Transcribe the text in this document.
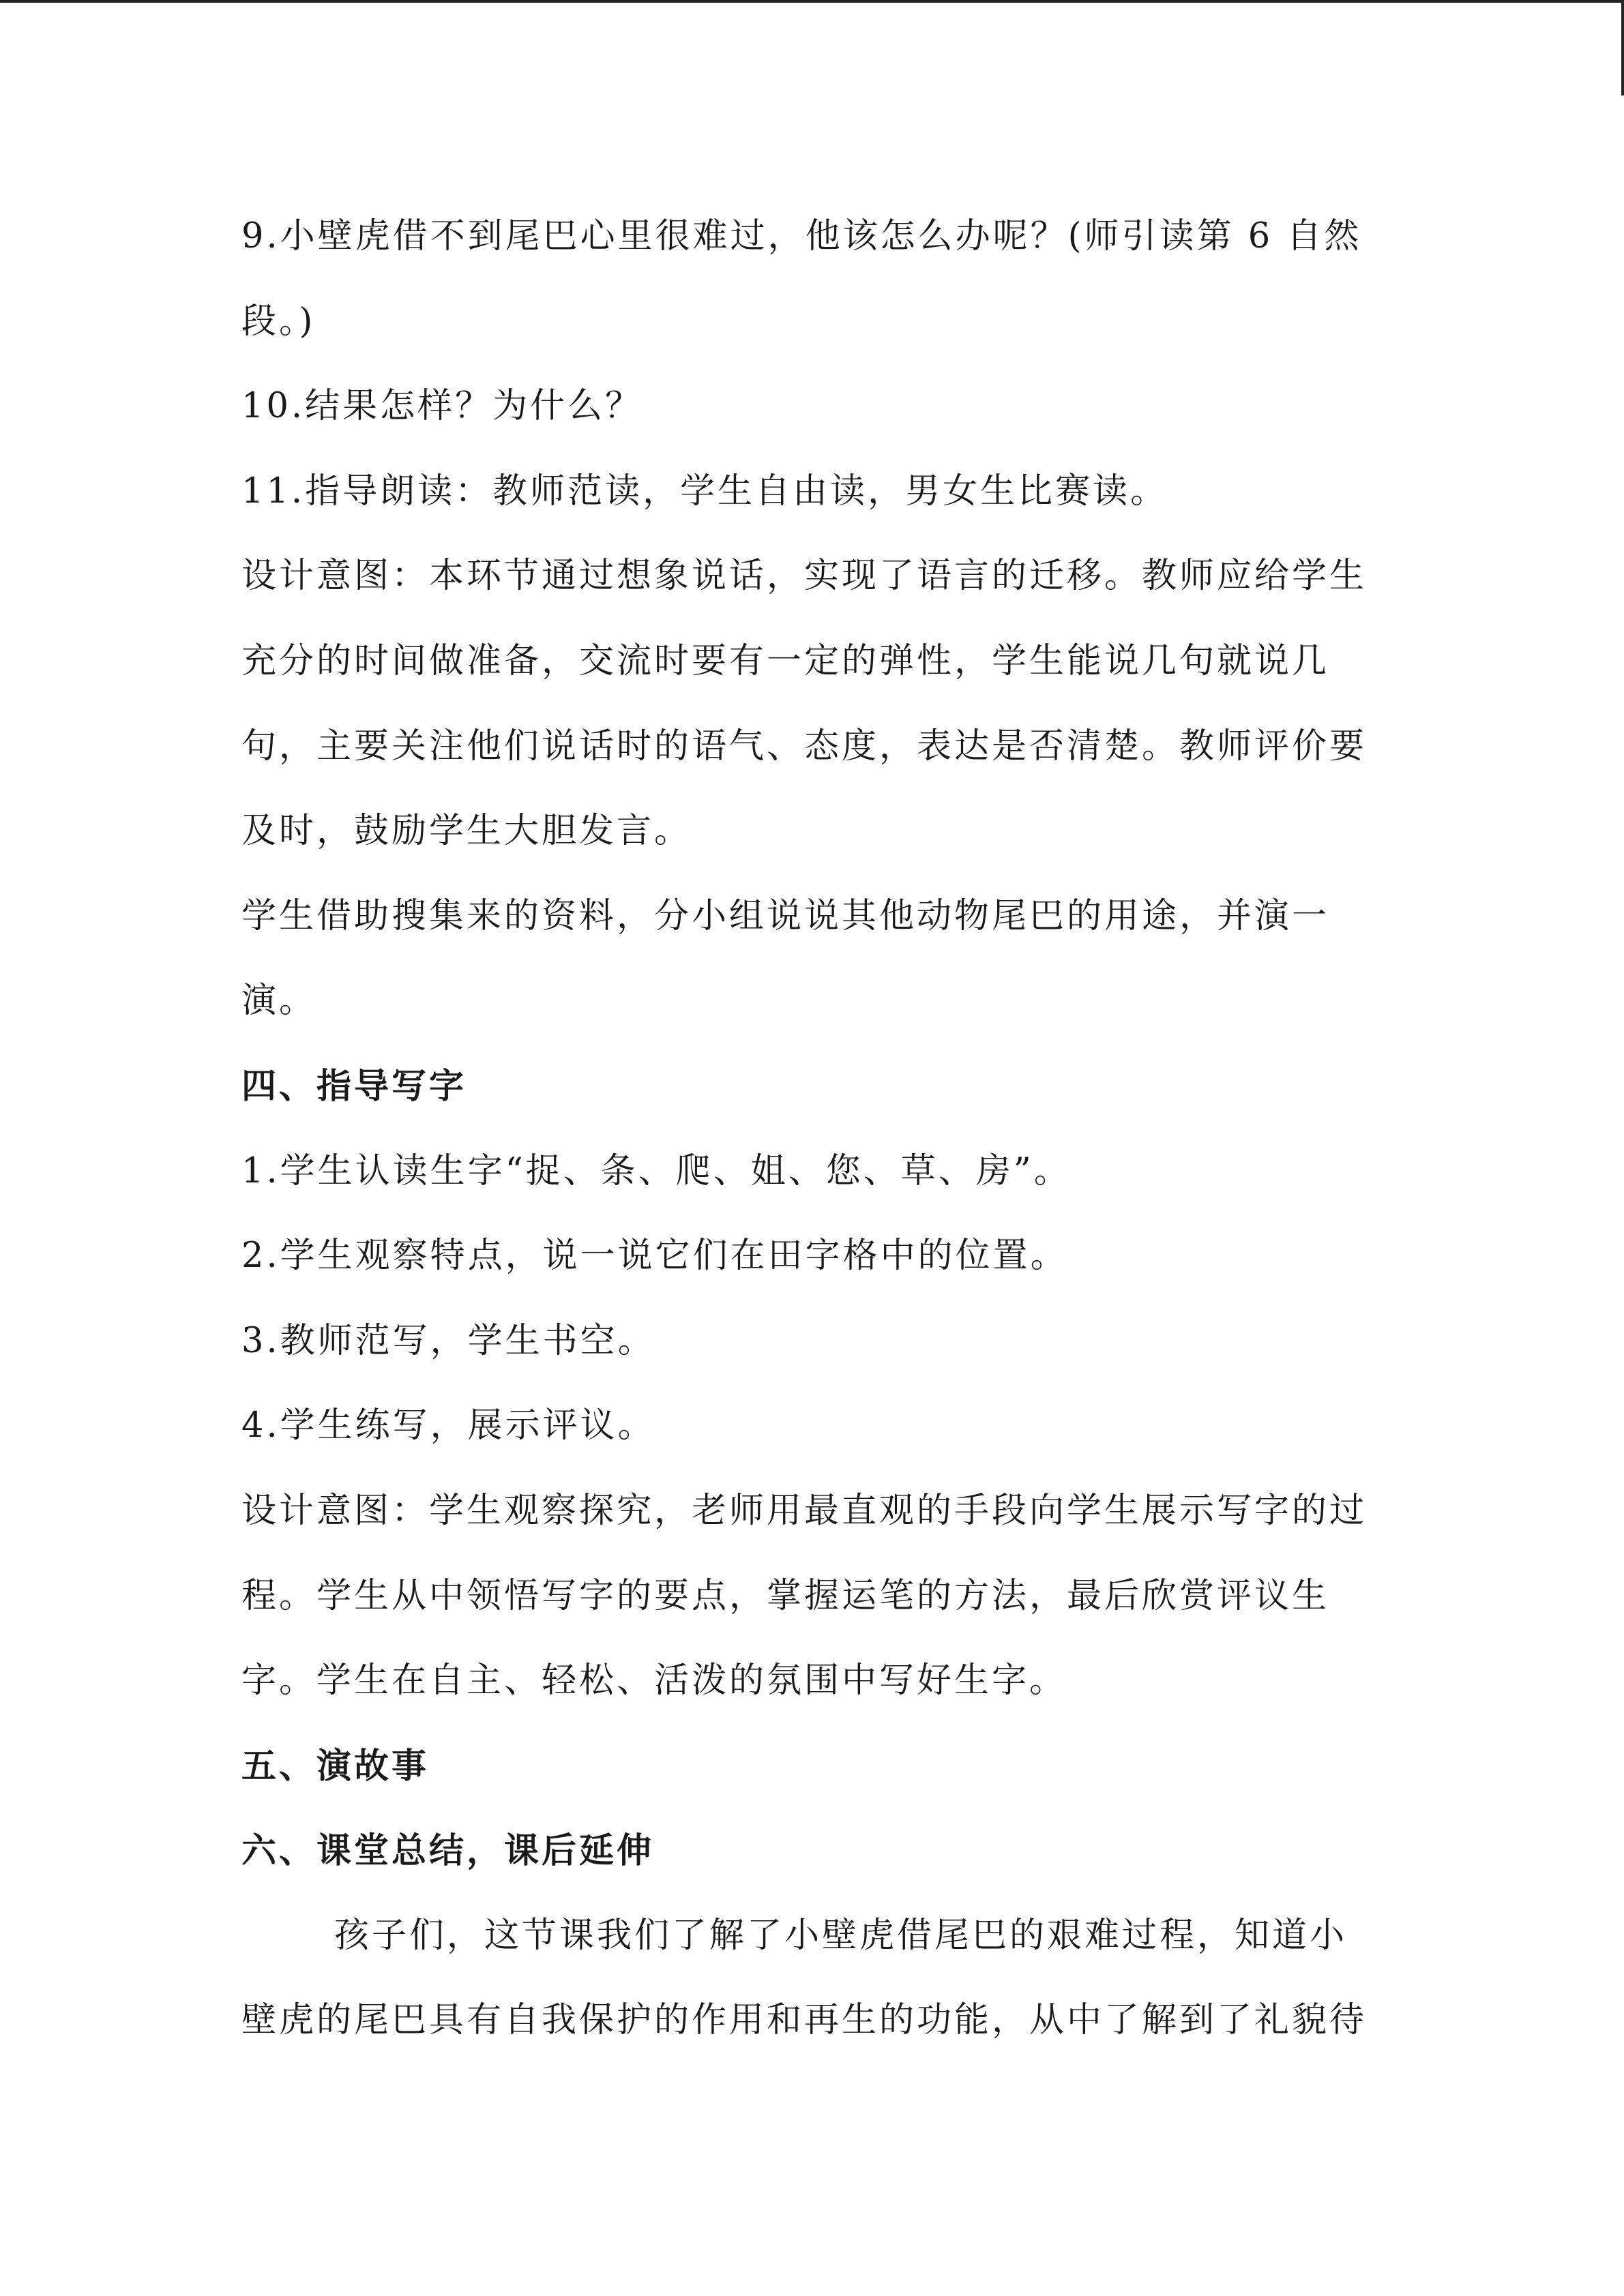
9.小壁虎借不到尾巴心里很难过，他该怎么办呢？(师引读第 6 自然

段。)

10.结果怎样？为什么？

11.指导朗读：教师范读，学生自由读，男女生比赛读。

设计意图：本环节通过想象说话，实现了语言的迁移。教师应给学生

充分的时间做准备，交流时要有一定的弹性，学生能说几句就说几

句，主要关注他们说话时的语气、态度，表达是否清楚。教师评价要

及时，鼓励学生大胆发言。

学生借助搜集来的资料，分小组说说其他动物尾巴的用途，并演一

演。

四、指导写字

1.学生认读生字“捉、条、爬、姐、您、草、房”。

2.学生观察特点，说一说它们在田字格中的位置。

3.教师范写，学生书空。

4.学生练写，展示评议。

设计意图：学生观察探究，老师用最直观的手段向学生展示写字的过

程。学生从中领悟写字的要点，掌握运笔的方法，最后欣赏评议生

字。学生在自主、轻松、活泼的氛围中写好生字。

五、演故事

六、课堂总结，课后延伸

孩子们，这节课我们了解了小壁虎借尾巴的艰难过程，知道小

壁虎的尾巴具有自我保护的作用和再生的功能，从中了解到了礼貌待
